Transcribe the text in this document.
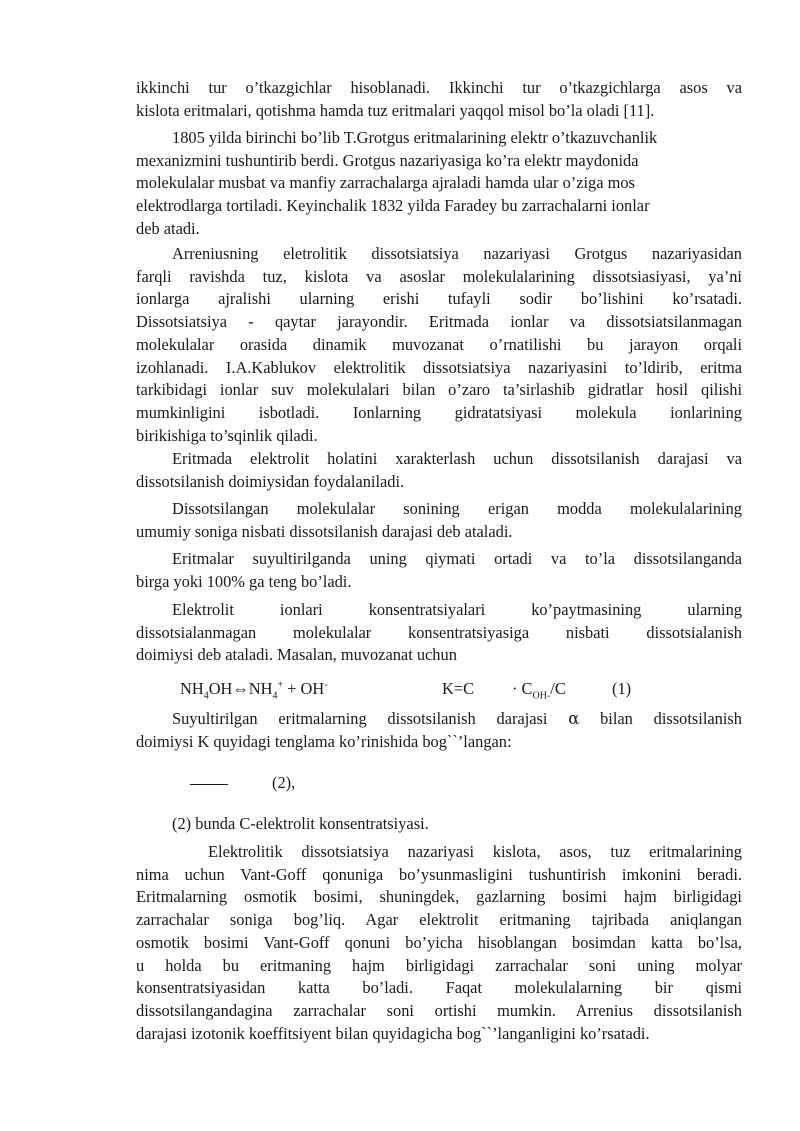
ikkinchi tur o’tkazgichlar hisoblanadi. Ikkinchi tur o’tkazgichlarga asos va
kislota eritmalari, qotishma hamda tuz eritmalari yaqqol misol bo’la oladi [11].
1805 yilda birinchi bo’lib T.Grotgus eritmalarining elektr o’tkazuvchanlik
mexanizmini tushuntirib berdi. Grotgus nazariyasiga ko’ra elektr maydonida
molekulalar musbat va manfiy zarrachalarga ajraladi hamda ular o’ziga mos
elektrodlarga tortiladi. Keyinchalik 1832 yilda Faradey bu zarrachalarni ionlar
deb atadi.
Arreniusning eletrolitik dissotsiatsiya nazariyasi Grotgus nazariyasidan
farqli ravishda tuz, kislota va asoslar molekulalarining dissotsiasiyasi, ya’ni
ionlarga ajralishi ularning erishi tufayli sodir bo’lishini ko’rsatadi.
Dissotsiatsiya - qaytar jarayondir. Eritmada ionlar va dissotsiatsilanmagan
molekulalar orasida dinamik muvozanat o’rnatilishi bu jarayon orqali
izohlanadi. I.A.Kablukov elektrolitik dissotsiatsiya nazariyasini to’ldirib, eritma
tarkibidagi ionlar suv molekulalari bilan o’zaro ta’sirlashib gidratlar hosil qilishi
mumkinligini isbotladi. Ionlarning gidratatsiyasi molekula ionlarining
birikishiga to’sqinlik qiladi.
Eritmada elektrolit holatini xarakterlash uchun dissotsilanish darajasi va
dissotsilanish doimiysidan foydalaniladi.
Dissotsilangan molekulalar sonining erigan modda molekulalarining
umumiy soniga nisbati dissotsilanish darajasi deb ataladi.
Eritmalar suyultirilganda uning qiymati ortadi va to’la dissotsilanganda
birga yoki 100% ga teng bo’ladi.
Elektrolit ionlari konsentratsiyalari ko’paytmasining ularning
dissotsialanmagan molekulalar konsentratsiyasiga nisbati dissotsialanish
doimiysi deb ataladi. Masalan, muvozanat uchun
$NH_4OH\Leftrightarrow NH_4^+ + OH^-$	$K=C \cdot C_{OH-}/C$	(1)
Suyultirilgan eritmalarning dissotsilanish darajasi α bilan dissotsilanish
doimiysi K quyidagi tenglama ko’rinishida bog``’langan:
(2),
(2) bunda C-elektrolit konsentratsiyasi.
Elektrolitik dissotsiatsiya nazariyasi kislota, asos, tuz eritmalarining
nima uchun Vant-Goff qonuniga bo’ysunmasligini tushuntirish imkonini beradi.
Eritmalarning osmotik bosimi, shuningdek, gazlarning bosimi hajm birligidagi
zarrachalar soniga bog’liq. Agar elektrolit eritmaning tajribada aniqlangan
osmotik bosimi Vant-Goff qonuni bo’yicha hisoblangan bosimdan katta bo’lsa,
u holda bu eritmaning hajm birligidagi zarrachalar soni uning molyar
konsentratsiyasidan katta bo’ladi. Faqat molekulalarning bir qismi
dissotsilangandagina zarrachalar soni ortishi mumkin. Arrenius dissotsilanish
darajasi izotonik koeffitsiyent bilan quyidagicha bog``’langanligini ko’rsatadi.
